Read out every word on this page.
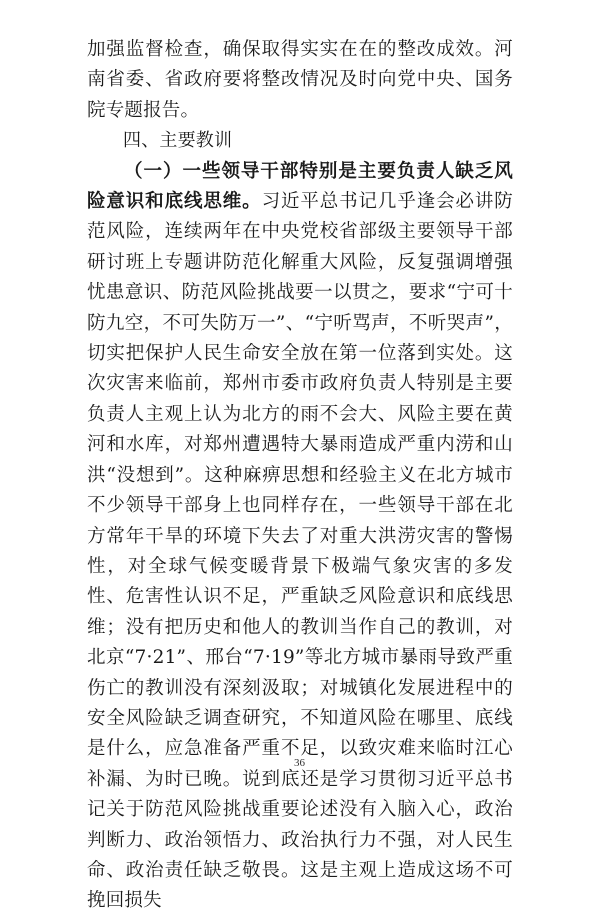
加强监督检查，确保取得实实在在的整改成效。河南省委、省政府要将整改情况及时向党中央、国务院专题报告。

四、主要教训

（一）一些领导干部特别是主要负责人缺乏风险意识和底线思维。习近平总书记几乎逢会必讲防范风险，连续两年在中央党校省部级主要领导干部研讨班上专题讲防范化解重大风险，反复强调增强忧患意识、防范风险挑战要一以贯之，要求“宁可十防九空，不可失防万一”、“宁听骂声，不听哭声”，切实把保护人民生命安全放在第一位落到实处。这次灾害来临前，郑州市委市政府负责人特别是主要负责人主观上认为北方的雨不会大、风险主要在黄河和水库，对郑州遭遇特大暴雨造成严重内涝和山洪“没想到”。这种麻痹思想和经验主义在北方城市不少领导干部身上也同样存在，一些领导干部在北方常年干旱的环境下失去了对重大洪涝灾害的警惕性，对全球气候变暖背景下极端气象灾害的多发性、危害性认识不足，严重缺乏风险意识和底线思维；没有把历史和他人的教训当作自己的教训，对北京“7·21”、邢台“7·19”等北方城市暴雨导致严重伤亡的教训没有深刻汲取；对城镇化发展进程中的安全风险缺乏调查研究，不知道风险在哪里、底线是什么，应急准备严重不足，以致灾难来临时江心补漏、为时已晚。说到底还是学习贯彻习近平总书记关于防范风险挑战重要论述没有入脑入心，政治判断力、政治领悟力、政治执行力不强，对人民生命、政治责任缺乏敬畏。这是主观上造成这场不可挽回损失

36
